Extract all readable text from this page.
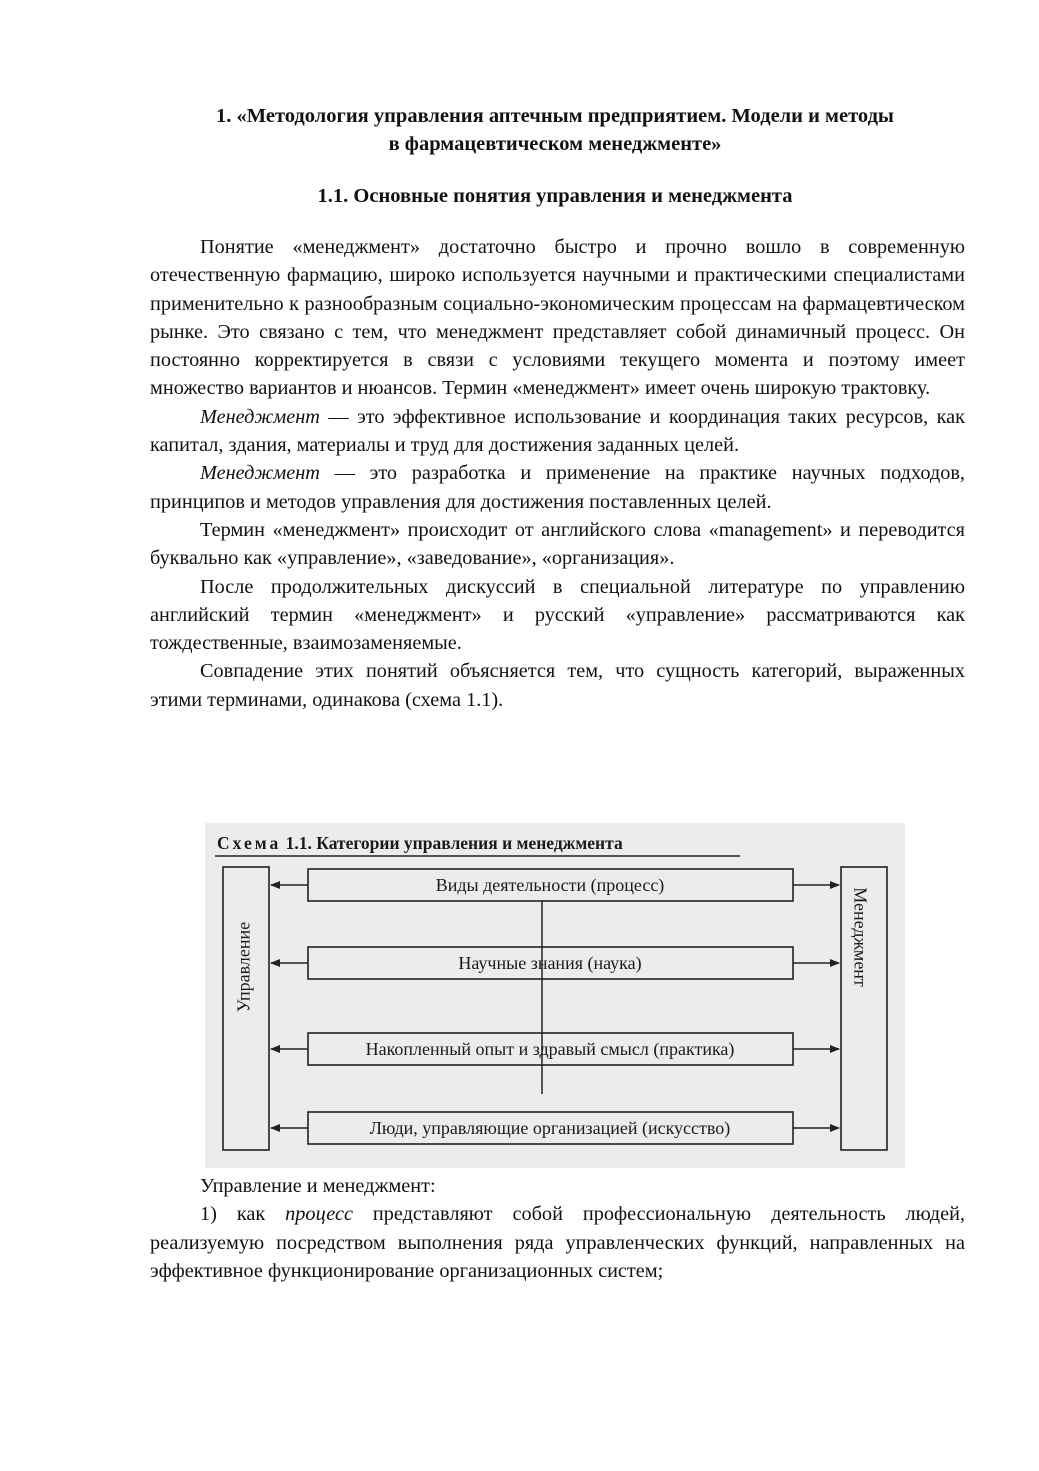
1. «Методология управления аптечным предприятием. Модели и методы
в фармацевтическом менеджменте»
1.1. Основные понятия управления и менеджмента

Понятие «менеджмент» достаточно быстро и прочно вошло в современную отечественную фармацию, широко используется научными и практическими специалистами применительно к разнообразным социально-экономическим процессам на фармацевтическом рынке. Это связано с тем, что менеджмент представляет собой динамичный процесс. Он постоянно корректируется в связи с условиями текущего момента и поэтому имеет множество вариантов и нюансов. Термин «менеджмент» имеет очень широкую трактовку.

Менеджмент — это эффективное использование и координация таких ресурсов, как капитал, здания, материалы и труд для достижения заданных целей.

Менеджмент — это разработка и применение на практике научных подходов, принципов и методов управления для достижения поставленных целей.

Термин «менеджмент» происходит от английского слова «management» и переводится буквально как «управление», «заведование», «организация».

После продолжительных дискуссий в специальной литературе по управлению английский термин «менеджмент» и русский «управление» рассматриваются как тождественные, взаимозаменяемые.

Совпадение этих понятий объясняется тем, что сущность категорий, выраженных этими терминами, одинакова (схема 1.1).

Схема 1.1. Категории управления и менеджмента
Управление	Менеджмент
Виды деятельности (процесс)
Научные знания (наука)
Накопленный опыт и здравый смысл (практика)
Люди, управляющие организацией (искусство)

Управление и менеджмент:

1) как процесс представляют собой профессиональную деятельность людей, реализуемую посредством выполнения ряда управленческих функций, направленных на эффективное функционирование организационных систем;
